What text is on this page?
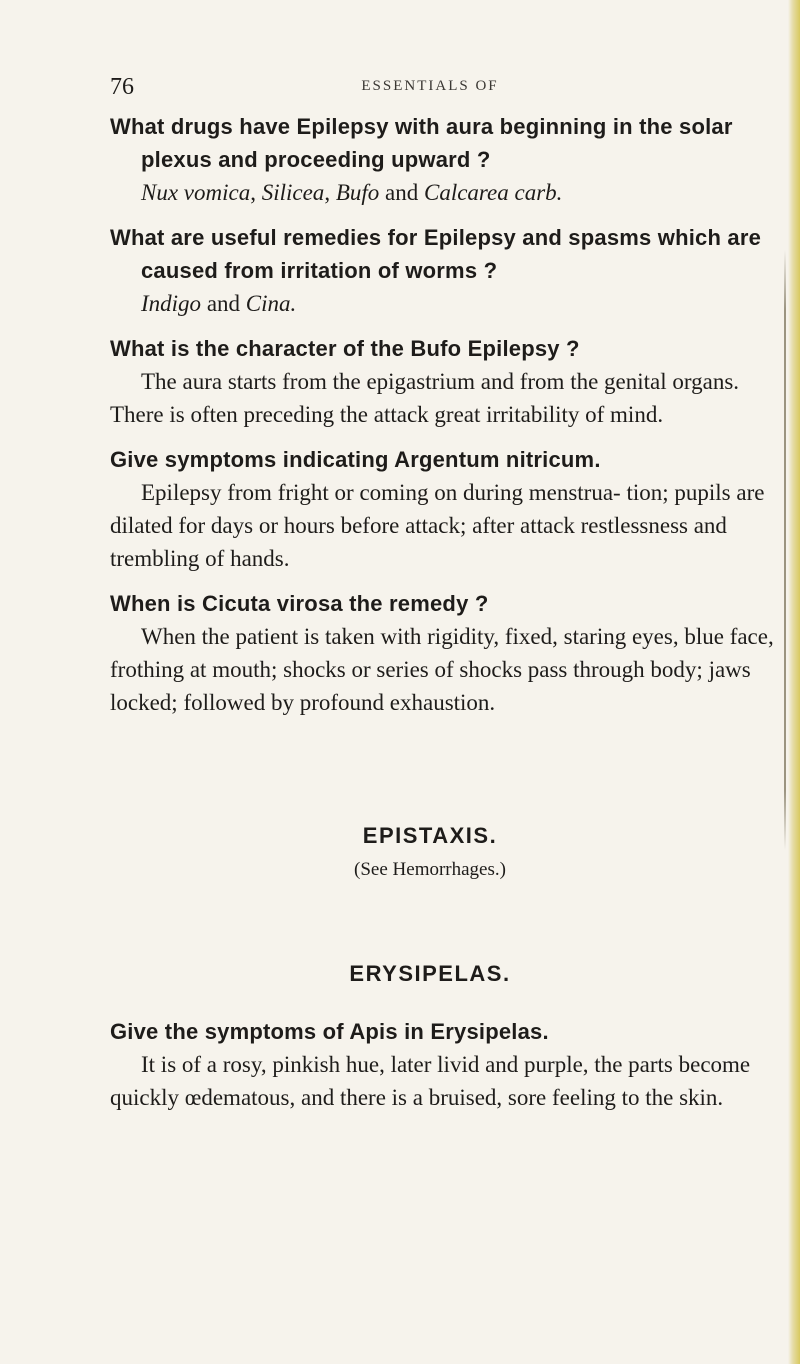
76	ESSENTIALS OF

What drugs have Epilepsy with aura beginning in the solar plexus and proceeding upward ?

Nux vomica, Silicea, Bufo and Calcarea carb.

What are useful remedies for Epilepsy and spasms which are caused from irritation of worms ?

Indigo and Cina.

What is the character of the Bufo Epilepsy ?

The aura starts from the epigastrium and from the genital organs. There is often preceding the attack great irritability of mind.

Give symptoms indicating Argentum nitricum.

Epilepsy from fright or coming on during menstrua- tion; pupils are dilated for days or hours before attack; after attack restlessness and trembling of hands.

When is Cicuta virosa the remedy ?

When the patient is taken with rigidity, fixed, staring eyes, blue face, frothing at mouth; shocks or series of shocks pass through body; jaws locked; followed by profound exhaustion.

EPISTAXIS.

(See Hemorrhages.)

ERYSIPELAS.

Give the symptoms of Apis in Erysipelas.

It is of a rosy, pinkish hue, later livid and purple, the parts become quickly œdematous, and there is a bruised, sore feeling to the skin.
